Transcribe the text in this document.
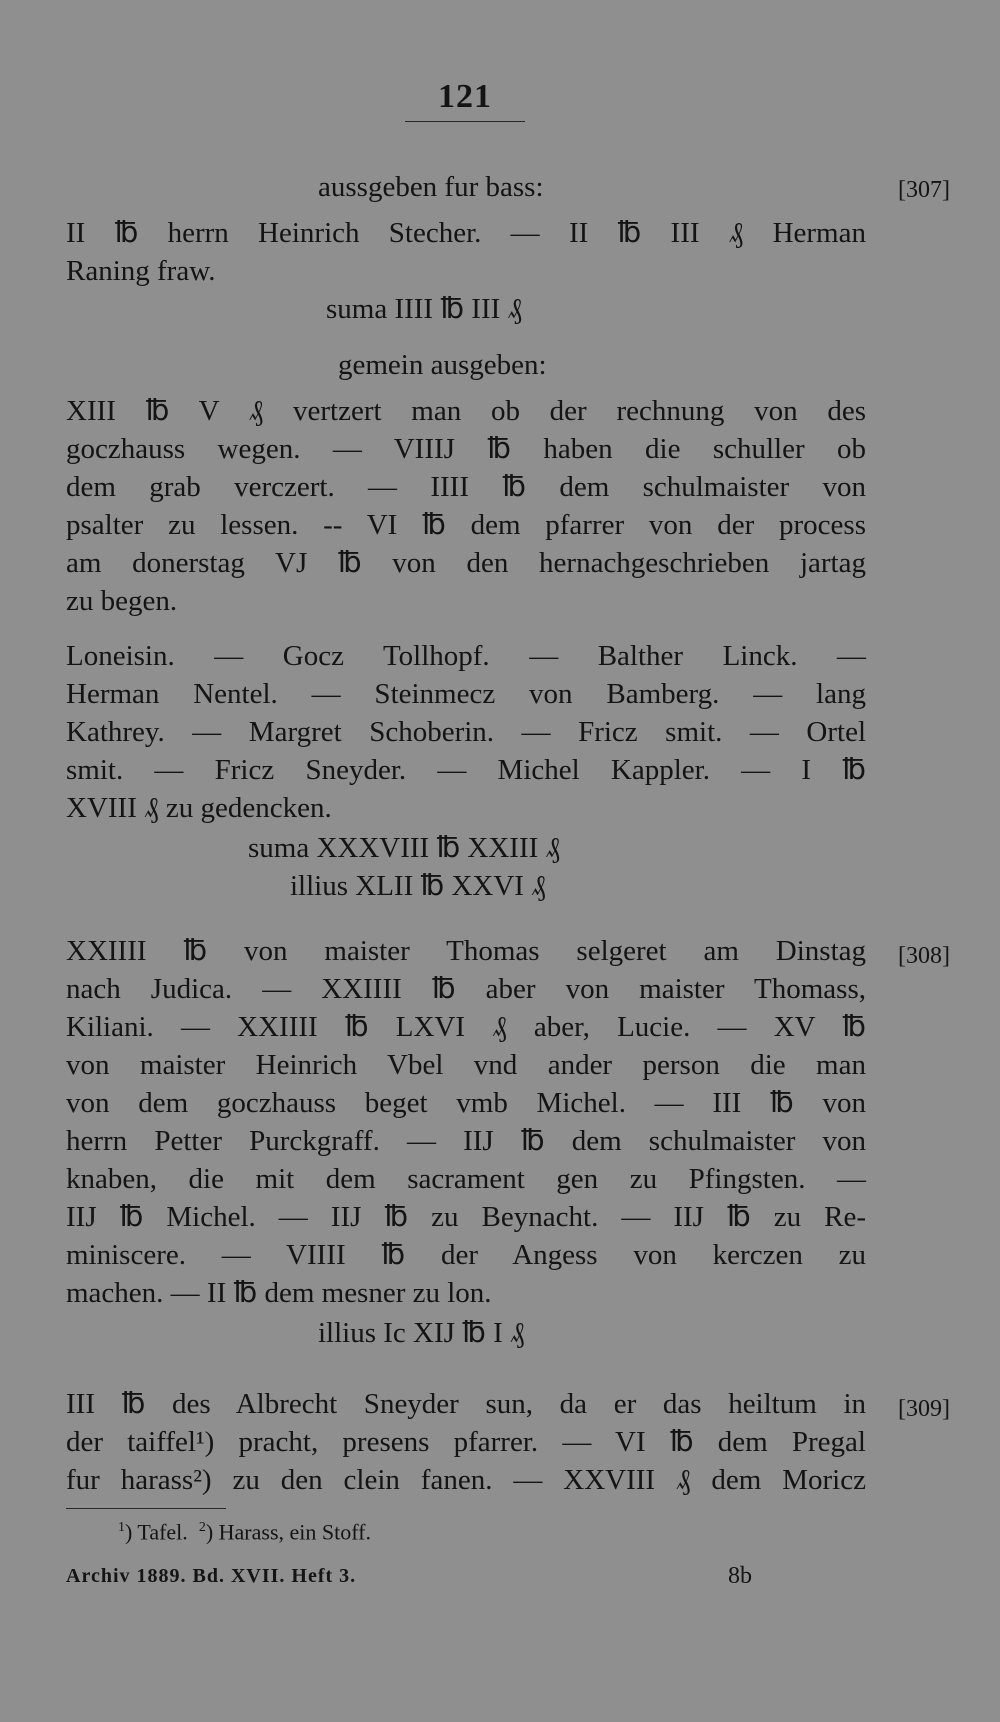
121
aussgeben fur bass:	[307]
II ℔ herrn Heinrich Stecher. — II ℔ III ₰ Herman
Raning fraw.
suma IIII ℔ III ₰
gemein ausgeben:
XIII ℔ V ₰ vertzert man ob der rechnung von des
goczhauss wegen. — VIIIJ ℔ haben die schuller ob
dem grab verczert. — IIII ℔ dem schulmaister von
psalter zu lessen. -- VI ℔ dem pfarrer von der process
am donerstag VJ ℔ von den hernachgeschrieben jartag
zu begen.
Loneisin. — Gocz Tollhopf. — Balther Linck. —
Herman Nentel. — Steinmecz von Bamberg. — lang
Kathrey. — Margret Schoberin. — Fricz smit. — Ortel
smit. — Fricz Sneyder. — Michel Kappler. — I ℔
XVIII ₰ zu gedencken.
suma XXXVIII ℔ XXIII ₰
illius XLII ℔ XXVI ₰
XXIIII ℔ von maister Thomas selgeret am Dinstag [308]
nach Judica. — XXIIII ℔ aber von maister Thomass,
Kiliani. — XXIIII ℔ LXVI ₰ aber, Lucie. — XV ℔
von maister Heinrich Vbel vnd ander person die man
von dem goczhauss beget vmb Michel. — III ℔ von
herrn Petter Purckgraff. — IIJ ℔ dem schulmaister von
knaben, die mit dem sacrament gen zu Pfingsten. —
IIJ ℔ Michel. — IIJ ℔ zu Beynacht. — IIJ ℔ zu Re-
miniscere. — VIIII ℔ der Angess von kerczen zu
machen. — II ℔ dem mesner zu lon.
illius Ic XIJ ℔ I ₰
III ℔ des Albrecht Sneyder sun, da er das heiltum in [309]
der taiffel¹) pracht, presens pfarrer. — VI ℔ dem Pregal
fur harass²) zu den clein fanen. — XXVIII ₰ dem Moricz
$^1$) Tafel. $^2$) Harass, ein Stoff.
Archiv 1889. Bd. XVII. Heft 3.	8b
